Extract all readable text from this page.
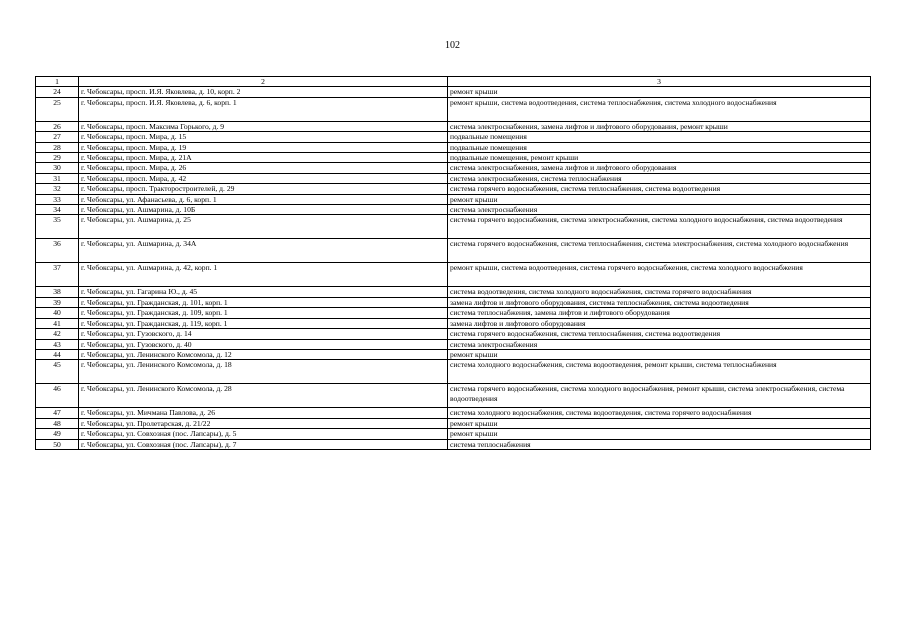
102
1	2	3
24	г. Чебоксары, просп. И.Я. Яковлева, д. 10, корп. 2	ремонт крыши
25	г. Чебоксары, просп. И.Я. Яковлева, д. 6, корп. 1	ремонт крыши, система водоотведения, система теплоснабжения, система холодного водоснабжения
26	г. Чебоксары, просп. Максима Горького, д. 9	система электроснабжения, замена лифтов и лифтового оборудования, ремонт крыши
27	г. Чебоксары, просп. Мира, д. 15	подвальные помещения
28	г. Чебоксары, просп. Мира, д. 19	подвальные помещения
29	г. Чебоксары, просп. Мира, д. 21А	подвальные помещения, ремонт крыши
30	г. Чебоксары, просп. Мира, д. 26	система электроснабжения, замена лифтов и лифтового оборудования
31	г. Чебоксары, просп. Мира, д. 42	система электроснабжения, система теплоснабжения
32	г. Чебоксары, просп. Тракторостроителей, д. 29	система горячего водоснабжения, система теплоснабжения, система водоотведения
33	г. Чебоксары, ул. Афанасьева, д. 6, корп. 1	ремонт крыши
34	г. Чебоксары, ул. Ашмарина, д. 10Б	система электроснабжения
35	г. Чебоксары, ул. Ашмарина, д. 25	система горячего водоснабжения, система электроснабжения, система холодного водоснабжения, система водоотведения
36	г. Чебоксары, ул. Ашмарина, д. 34А	система горячего водоснабжения, система теплоснабжения, система электроснабжения, система холодного водоснабжения
37	г. Чебоксары, ул. Ашмарина, д. 42, корп. 1	ремонт крыши, система водоотведения, система горячего водоснабжения, система холодного водоснабжения
38	г. Чебоксары, ул. Гагарина Ю., д. 45	система водоотведения, система холодного водоснабжения, система горячего водоснабжения
39	г. Чебоксары, ул. Гражданская, д. 101, корп. 1	замена лифтов и лифтового оборудования, система теплоснабжения, система водоотведения
40	г. Чебоксары, ул. Гражданская, д. 109, корп. 1	система теплоснабжения, замена лифтов и лифтового оборудования
41	г. Чебоксары, ул. Гражданская, д. 119, корп. 1	замена лифтов и лифтового оборудования
42	г. Чебоксары, ул. Гузовского, д. 14	система горячего водоснабжения, система теплоснабжения, система водоотведения
43	г. Чебоксары, ул. Гузовского, д. 40	система электроснабжения
44	г. Чебоксары, ул. Ленинского Комсомола, д. 12	ремонт крыши
45	г. Чебоксары, ул. Ленинского Комсомола, д. 18	система холодного водоснабжения, система водоотведения, ремонт крыши, система теплоснабжения
46	г. Чебоксары, ул. Ленинского Комсомола, д. 28	система горячего водоснабжения, система холодного водоснабжения, ремонт крыши, система электроснабжения, система водоотведения
47	г. Чебоксары, ул. Мичмана Павлова, д. 26	система холодного водоснабжения, система водоотведения, система горячего водоснабжения
48	г. Чебоксары, ул. Пролетарская, д. 21/22	ремонт крыши
49	г. Чебоксары, ул. Совхозная (пос. Лапсары), д. 5	ремонт крыши
50	г. Чебоксары, ул. Совхозная (пос. Лапсары), д. 7	система теплоснабжения
